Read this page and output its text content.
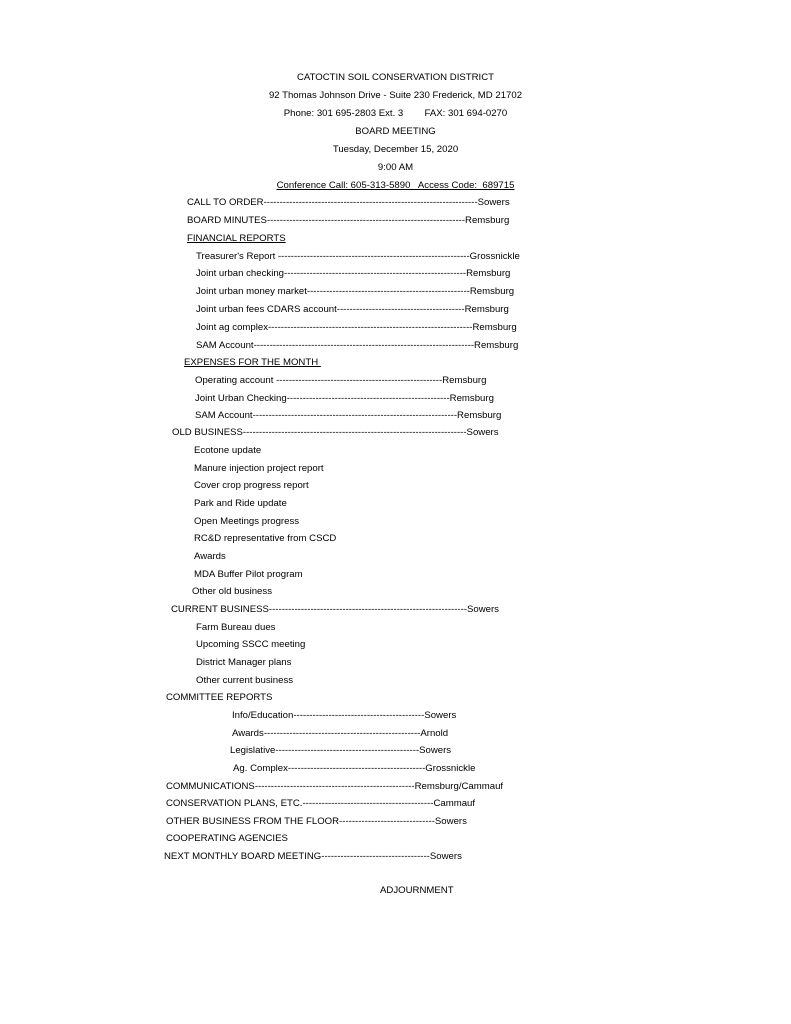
CATOCTIN SOIL CONSERVATION DISTRICT
92 Thomas Johnson Drive - Suite 230 Frederick, MD 21702
Phone: 301 695-2803 Ext. 3        FAX: 301 694-0270
BOARD MEETING
Tuesday, December 15, 2020
9:00 AM
Conference Call: 605-313-5890   Access Code:  689715
CALL TO ORDER-------------------------------------------------------------------Sowers
BOARD MINUTES--------------------------------------------------------------Remsburg
FINANCIAL REPORTS
Treasurer's Report ------------------------------------------------------------Grossnickle
Joint urban checking---------------------------------------------------------Remsburg
Joint urban money market---------------------------------------------------Remsburg
Joint urban fees CDARS account----------------------------------------Remsburg
Joint ag complex----------------------------------------------------------------Remsburg
SAM Account---------------------------------------------------------------------Remsburg
EXPENSES FOR THE MONTH
Operating account ----------------------------------------------------Remsburg
Joint Urban Checking---------------------------------------------------Remsburg
SAM Account----------------------------------------------------------------Remsburg
OLD BUSINESS----------------------------------------------------------------------Sowers
Ecotone update
Manure injection project report
Cover crop progress report
Park and Ride update
Open Meetings progress
RC&D representative from CSCD
Awards
MDA Buffer Pilot program
Other old business
CURRENT BUSINESS--------------------------------------------------------------Sowers
Farm Bureau dues
Upcoming SSCC meeting
District Manager plans
Other current business
COMMITTEE REPORTS
Info/Education-----------------------------------------Sowers
Awards-------------------------------------------------Arnold
Legislative---------------------------------------------Sowers
Ag. Complex-------------------------------------------Grossnickle
COMMUNICATIONS--------------------------------------------------Remsburg/Cammauf
CONSERVATION PLANS, ETC.-----------------------------------------Cammauf
OTHER BUSINESS FROM THE FLOOR------------------------------Sowers
COOPERATING AGENCIES
NEXT MONTHLY BOARD MEETING----------------------------------Sowers
ADJOURNMENT
